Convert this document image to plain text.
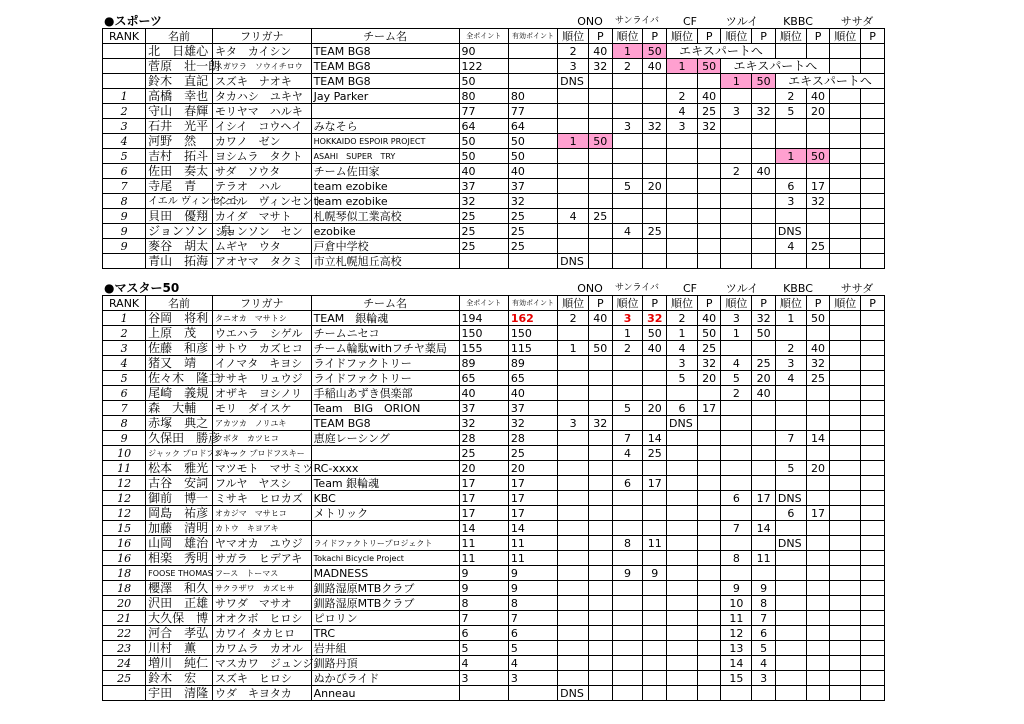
●スポーツ	ONO	サンライバ	CF	ツルイ	KBBC	ササダ
RANK	名前	フリガナ	チーム名	全ポイント	有効ポイント	順位	P	順位	P	順位	P	順位	P	順位	P	順位	P
	北　日雄心	キタ　カイシン	TEAM BG8	90		2	40	1	50	エキスパートへ							
	菅原　壮一朗	スガワラ　ソウイチロウ	TEAM BG8	122		3	32	2	40	1	50	エキスパートへ					
	鈴木　直記	スズキ　ナオキ	TEAM BG8	50		DNS						1	50	エキスパートへ			
1	高橋　幸也	タカハシ　ユキヤ	Jay Parker	80	80					2	40			2	40		
2	守山　春輝	モリヤマ　ハルキ		77	77					4	25	3	32	5	20		
3	石井　光平	イシイ　コウヘイ	みなそら	64	64			3	32	3	32						
4	河野　然	カワノ　ゼン	HOKKAIDO ESPOIR PROJECT	50	50	1	50										
5	吉村　拓斗	ヨシムラ　タクト	ASAHI　SUPER　TRY	50	50									1	50		
6	佐田　奏太	サダ　ソウタ	チーム佐田家	40	40							2	40				
7	寺尾　青	テラオ　ハル	team ezobike	37	37			5	20					6	17		
8	イエル ヴィンセント	イエル　ヴィンセント	team ezobike	32	32									3	32		
9	貝田　優翔	カイダ　マサト	札幌琴似工業高校	25	25	4	25										
9	ジョンソン　泉	ジョンソン　セン	ezobike	25	25			4	25					DNS			
9	麥谷　胡太	ムギヤ　ウタ	戸倉中学校	25	25									4	25		
	青山　拓海	アオヤマ　タクミ	市立札幌旭丘高校			DNS											
●マスター50	ONO	サンライバ	CF	ツルイ	KBBC	ササダ
RANK	名前	フリガナ	チーム名	全ポイント	有効ポイント	順位	P	順位	P	順位	P	順位	P	順位	P	順位	P
1	谷岡　将利	タニオカ　マサトシ	TEAM　銀輪魂	194	162	2	40	3	32	2	40	3	32	1	50		
2	上原　茂	ウエハラ　シゲル	チームニセコ	150	150			1	50	1	50	1	50				
3	佐藤　和彦	サトウ　カズヒコ	チーム輪駄withフチヤ薬局	155	115	1	50	2	40	4	25			2	40		
4	猪又　靖	イノマタ　キヨシ	ライドファクトリー	89	89					3	32	4	25	3	32		
5	佐々木　隆二	ササキ　リュウジ	ライドファクトリー	65	65					5	20	5	20	4	25		
6	尾崎　義規	オザキ　ヨシノリ	手稲山あずき倶楽部	40	40							2	40				
7	森　大輔	モリ　ダイスケ	Team　BIG　ORION	37	37			5	20	6	17						
8	赤塚　典之	アカツカ　ノリユキ	TEAM BG8	32	32	3	32			DNS							
9	久保田　勝彦	クボタ　カツヒコ	恵庭レーシング	28	28			7	14					7	14		
10	ジャック プロドフスキー	ジャック プロドフスキー		25	25			4	25								
11	松本　雅光	マツモト　マサミツ	RC-xxxx	20	20									5	20		
12	古谷　安詞	フルヤ　ヤスシ	Team 銀輪魂	17	17			6	17								
12	御前　博一	ミサキ　ヒロカズ	KBC	17	17							6	17	DNS			
12	岡島　祐彦	オカジマ　マサヒコ	メトリック	17	17									6	17		
15	加藤　清明	カトウ　キヨアキ		14	14							7	14				
16	山岡　雄治	ヤマオカ　ユウジ	ライドファクトリープロジェクト	11	11			8	11					DNS			
16	相楽　秀明	サガラ　ヒデアキ	Tokachi Bicycle Project	11	11							8	11				
18	FOOSE THOMAS	フース　トーマス	MADNESS	9	9			9	9								
18	櫻澤　和久	サクラザワ　カズヒサ	釧路湿原MTBクラブ	9	9							9	9				
20	沢田　正雄	サワダ　マサオ	釧路湿原MTBクラブ	8	8							10	8				
21	大久保　博	オオクボ　ヒロシ	ピロリン	7	7							11	7				
22	河合　孝弘	カワイ タカヒロ	TRC	6	6							12	6				
23	川村　薫	カワムラ　カオル	岩井組	5	5							13	5				
24	増川　純仁	マスカワ　ジュンジ	釧路丹頂	4	4							14	4				
25	鈴木　宏	スズキ　ヒロシ	ぬかびライド	3	3							15	3				
	宇田　清隆	ウダ　キヨタカ	Anneau			DNS											
